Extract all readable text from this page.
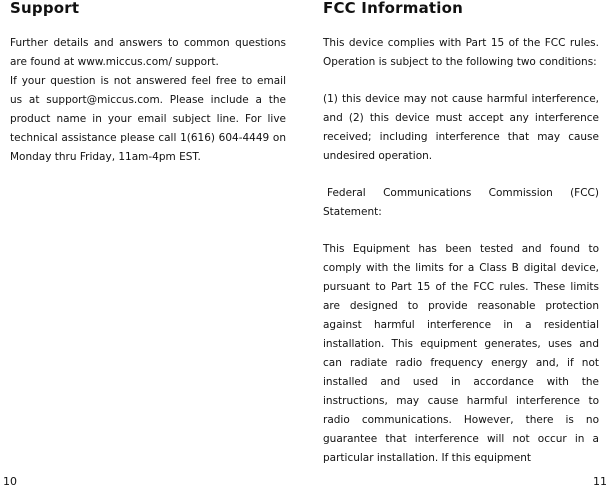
Support

Further details and answers to common questions are found at www.miccus.com/ support.

If your question is not answered feel free to email us at support@miccus.com. Please include a the product name in your email subject line. For live technical assistance please call 1(616) 604-4449 on Monday thru Friday, 11am-4pm EST.

FCC Information

This device complies with Part 15 of the FCC rules. Operation is subject to the following two conditions:

(1) this device may not cause harmful interference, and (2) this device must accept any interference received; including interference that may cause undesired operation.

Federal Communications Commission (FCC) Statement:

This Equipment has been tested and found to comply with the limits for a Class B digital device, pursuant to Part 15 of the FCC rules. These limits are designed to provide reasonable protection against harmful interference in a residential installation. This equipment generates, uses and can radiate radio frequency energy and, if not installed and used in accordance with the instructions, may cause harmful interference to radio communications. However, there is no guarantee that interference will not occur in a particular installation. If this equipment

10	11
